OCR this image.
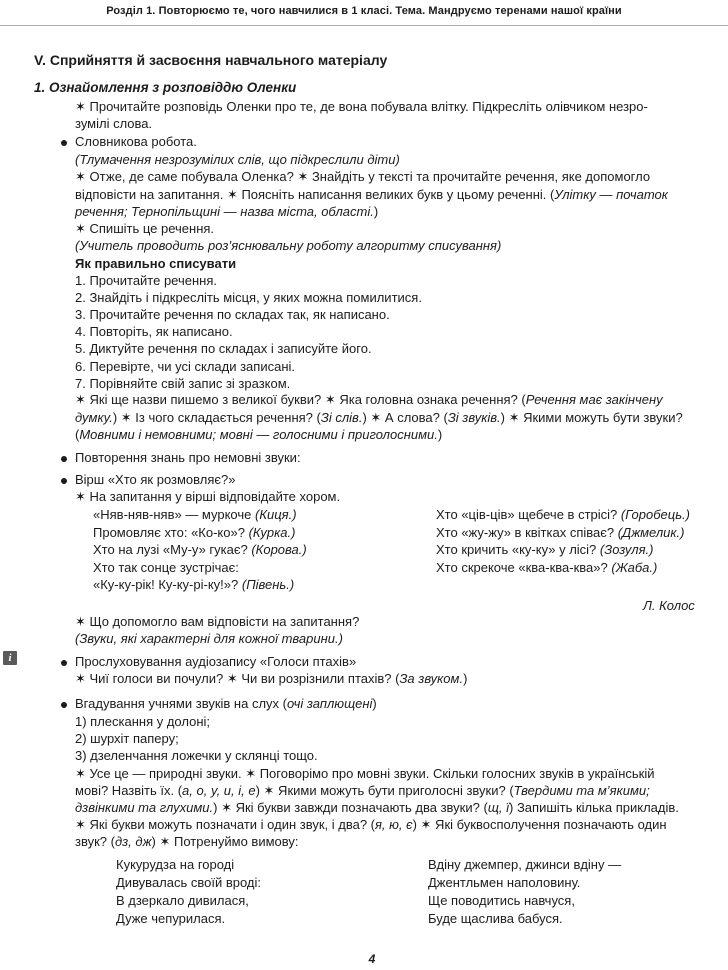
Розділ 1. Повторюємо те, чого навчилися в 1 класі. Тема. Мандруємо теренами нашої країни
V. Сприйняття й засвоєння навчального матеріалу
1. Ознайомлення з розповіддю Оленки
✶ Прочитайте розповідь Оленки про те, де вона побувала влітку. Підкресліть олівчиком незро-
зумілі слова.
Словникова робота.
(Тлумачення незрозумілих слів, що підкреслили діти)
✶ Отже, де саме побувала Оленка? ✶ Знайдіть у тексті та прочитайте речення, яке допомогло
відповісти на запитання. ✶ Поясніть написання великих букв у цьому реченні. (Улітку — початок
речення; Тернопільщині — назва міста, області.)
✶ Спишіть це речення.
(Учитель проводить роз’яснювальну роботу алгоритму списування)
Як правильно списувати
1. Прочитайте речення.
2. Знайдіть і підкресліть місця, у яких можна помилитися.
3. Прочитайте речення по складах так, як написано.
4. Повторіть, як написано.
5. Диктуйте речення по складах і записуйте його.
6. Перевірте, чи усі склади записані.
7. Порівняйте свій запис зі зразком.
✶ Які ще назви пишемо з великої букви? ✶ Яка головна ознака речення? (Речення має закінчену
думку.) ✶ Із чого складається речення? (Зі слів.) ✶ А слова? (Зі звуків.) ✶ Якими можуть бути звуки?
(Мовними і немовними; мовні — голосними і приголосними.)
Повторення знань про немовні звуки:
Вірш «Хто як розмовляє?»
✶ На запитання у вірші відповідайте хором.
«Няв-няв-няв» — муркоче (Киця.)
Промовляє хто: «Ко-ко»? (Курка.)
Хто на лузі «Му-у» гукає? (Корова.)
Хто так сонце зустрічає:
«Ку-ку-рік! Ку-ку-рі-ку!»? (Півень.)
Хто «ців-ців» щебече в стрісі? (Горобець.)
Хто «жу-жу» в квітках співає? (Джмелик.)
Хто кричить «ку-ку» у лісі? (Зозуля.)
Хто скрекоче «ква-ква-ква»? (Жаба.)
Л. Колос
✶ Що допомогло вам відповісти на запитання?
(Звуки, які характерні для кожної тварини.)
i	Прослуховування аудіозапису «Голоси птахів»
✶ Чиї голоси ви почули? ✶ Чи ви розрізнили птахів? (За звуком.)
Вгадування учнями звуків на слух (очі заплющені)
1) плескання у долоні;
2) шурхіт паперу;
3) дзеленчання ложечки у склянці тощо.
✶ Усе це — природні звуки. ✶ Поговорімо про мовні звуки. Скільки голосних звуків в українській
мові? Назвіть їх. (а, о, у, и, і, е) ✶ Якими можуть бути приголосні звуки? (Твердими та м’якими;
дзвінкими та глухими.) ✶ Які букви завжди позначають два звуки? (щ, ї) Запишіть кілька прикладів.
✶ Які букви можуть позначати і один звук, і два? (я, ю, є) ✶ Які буквосполучення позначають один
звук? (дз, дж) ✶ Потренуймо вимову:
Кукурудза на городі
Дивувалась своїй вроді:
В дзеркало дивилася,
Дуже чепурилася.
Вдіну джемпер, джинси вдіну —
Джентльмен наполовину.
Ще поводитись навчуся,
Буде щаслива бабуся.
4
